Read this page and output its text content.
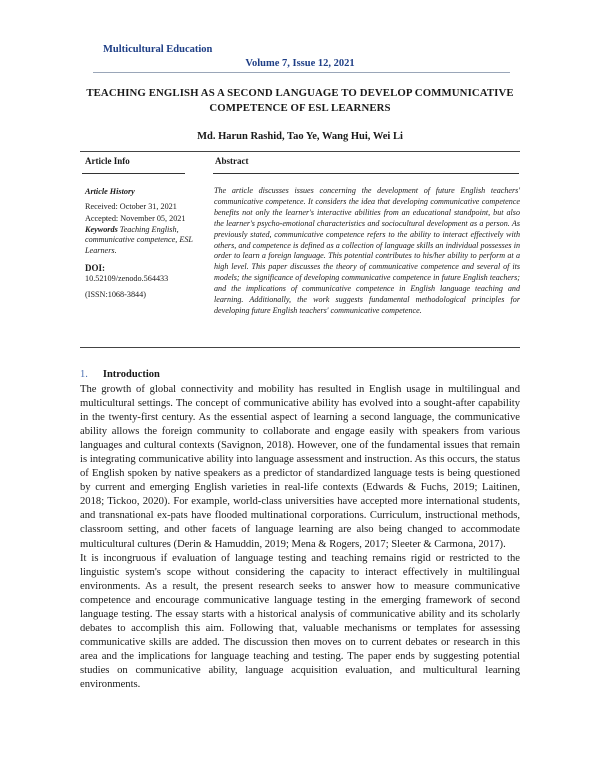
Multicultural Education
Volume 7, Issue 12, 2021
TEACHING ENGLISH AS A SECOND LANGUAGE TO DEVELOP COMMUNICATIVE COMPETENCE OF ESL LEARNERS
Md. Harun Rashid, Tao Ye, Wang Hui, Wei Li
Article Info	Abstract
Article History
Received: October 31, 2021
Accepted: November 05, 2021
Keywords Teaching English, communicative competence, ESL Learners.
DOI:
10.52109/zenodo.564433
(ISSN:1068-3844)
The article discusses issues concerning the development of future English teachers' communicative competence. It considers the idea that developing communicative competence benefits not only the learner's interactive abilities from an educational standpoint, but also the learner's psycho-emotional characteristics and sociocultural development as a person. As previously stated, communicative competence refers to the ability to interact effectively with others, and competence is defined as a collection of language skills an individual possesses in order to learn a foreign language. This potential contributes to his/her ability to perform at a high level. This paper discusses the theory of communicative competence and several of its models; the significance of developing communicative competence in future English teachers; and the implications of communicative competence in English language teaching and learning. Additionally, the work suggests fundamental methodological principles for developing future English teachers' communicative competence.
1. Introduction

The growth of global connectivity and mobility has resulted in English usage in multilingual and multicultural settings. The concept of communicative ability has evolved into a sought-after capability in the twenty-first century. As the essential aspect of learning a second language, the communicative ability allows the foreign community to collaborate and engage easily with speakers from various languages and cultural contexts (Savignon, 2018). However, one of the fundamental issues that remain is integrating communicative ability into language assessment and instruction. As this occurs, the status of English spoken by native speakers as a predictor of standardized language tests is being questioned by current and emerging English varieties in real-life contexts (Edwards & Fuchs, 2019; Laitinen, 2018; Tickoo, 2020). For example, world-class universities have accepted more international students, and transnational ex-pats have flooded multinational corporations. Curriculum, instructional methods, classroom setting, and other facets of language learning are also being changed to accommodate multicultural cultures (Derin & Hamuddin, 2019; Mena & Rogers, 2017; Sleeter & Carmona, 2017).

It is incongruous if evaluation of language testing and teaching remains rigid or restricted to the linguistic system's scope without considering the capacity to interact effectively in multilingual environments. As a result, the present research seeks to answer how to measure communicative competence and encourage communicative language testing in the emerging framework of second language testing. The essay starts with a historical analysis of communicative ability and its scholarly debates to accomplish this aim. Following that, valuable mechanisms or templates for assessing communicative skills are added. The discussion then moves on to current debates or research in this area and the implications for language teaching and testing. The paper ends by suggesting potential studies on communicative ability, language acquisition evaluation, and multicultural learning environments.
